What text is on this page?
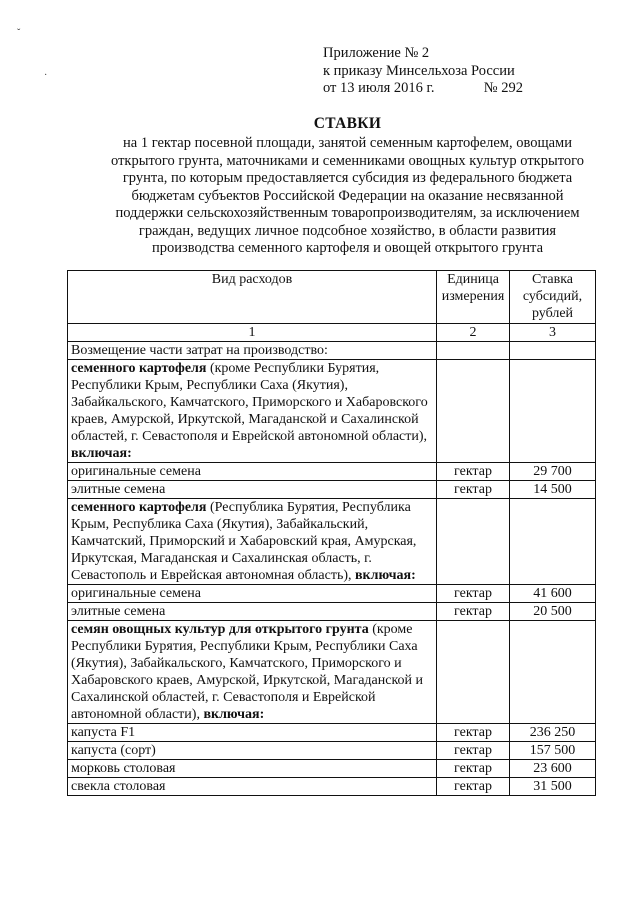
ˇ
·
Приложение № 2
к приказу Минсельхоза России
от 13 июля 2016 г.	№ 292
СТАВКИ
на 1 гектар посевной площади, занятой семенным картофелем, овощами
открытого грунта, маточниками и семенниками овощных культур открытого
грунта, по которым предоставляется субсидия из федерального бюджета
бюджетам субъектов Российской Федерации на оказание несвязанной
поддержки сельскохозяйственным товаропроизводителям, за исключением
граждан, ведущих личное подсобное хозяйство, в области развития
производства семенного картофеля и овощей открытого грунта
Вид расходов	Единица измерения	Ставка субсидий, рублей
1	2	3
Возмещение части затрат на производство:		
семенного картофеля (кроме Республики Бурятия, Республики Крым, Республики Саха (Якутия), Забайкальского, Камчатского, Приморского и Хабаровского краев, Амурской, Иркутской, Магаданской и Сахалинской областей, г. Севастополя и Еврейской автономной области), включая:		
оригинальные семена	гектар	29 700
элитные семена	гектар	14 500
семенного картофеля (Республика Бурятия, Республика Крым, Республика Саха (Якутия), Забайкальский, Камчатский, Приморский и Хабаровский края, Амурская, Иркутская, Магаданская и Сахалинская область, г. Севастополь и Еврейская автономная область), включая:		
оригинальные семена	гектар	41 600
элитные семена	гектар	20 500
семян овощных культур для открытого грунта (кроме Республики Бурятия, Республики Крым, Республики Саха (Якутия), Забайкальского, Камчатского, Приморского и Хабаровского краев, Амурской, Иркутской, Магаданской и Сахалинской областей, г. Севастополя и Еврейской автономной области), включая:		
капуста F1	гектар	236 250
капуста (сорт)	гектар	157 500
морковь столовая	гектар	23 600
свекла столовая	гектар	31 500
